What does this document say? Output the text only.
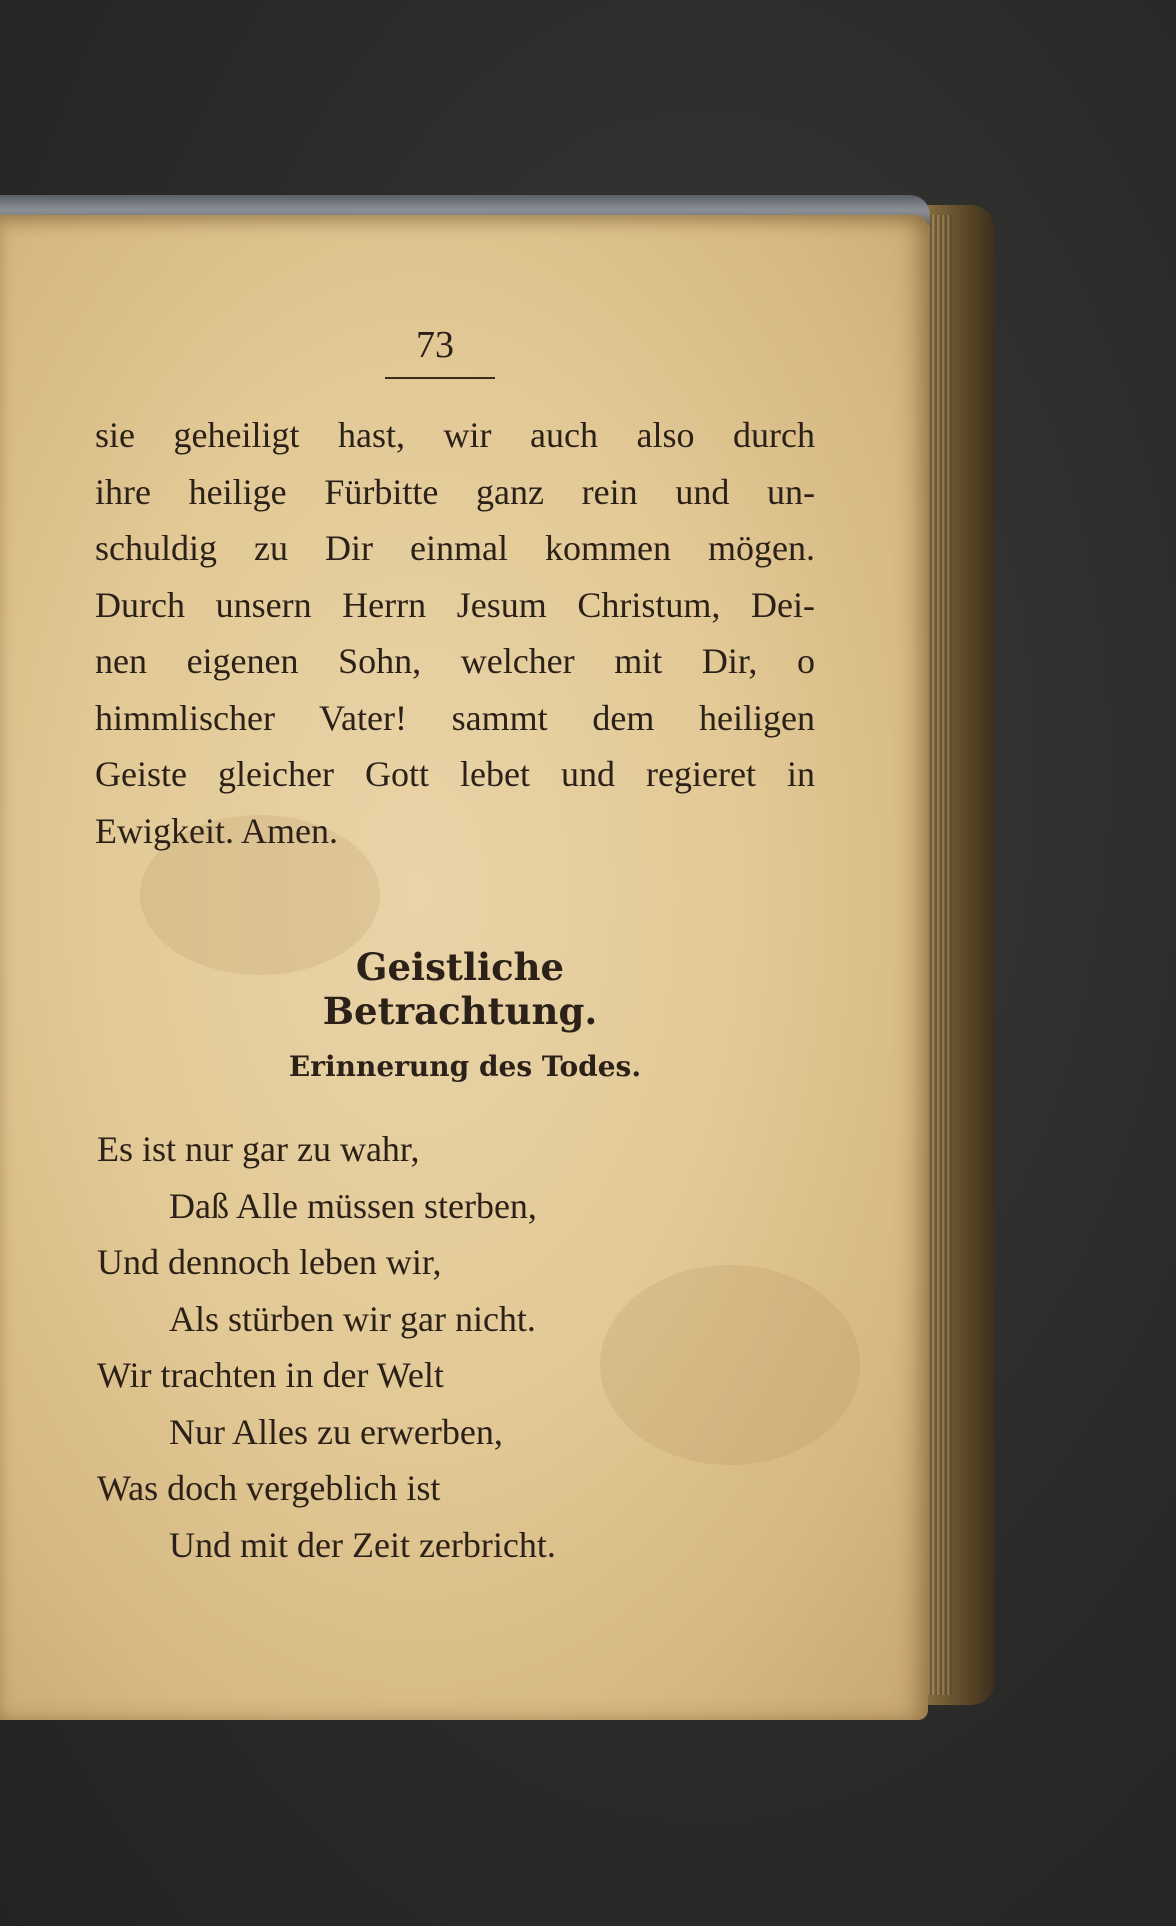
73
sie geheiligt hast, wir auch also durch
ihre heilige Fürbitte ganz rein und un-
schuldig zu Dir einmal kommen mögen.
Durch unsern Herrn Jesum Christum, Dei-
nen eigenen Sohn, welcher mit Dir, o
himmlischer Vater! sammt dem heiligen
Geiste gleicher Gott lebet und regieret in
Ewigkeit. Amen.
Geistliche Betrachtung.
Erinnerung des Todes.
Es ist nur gar zu wahr,
Daß Alle müssen sterben,
Und dennoch leben wir,
Als stürben wir gar nicht.
Wir trachten in der Welt
Nur Alles zu erwerben,
Was doch vergeblich ist
Und mit der Zeit zerbricht.
